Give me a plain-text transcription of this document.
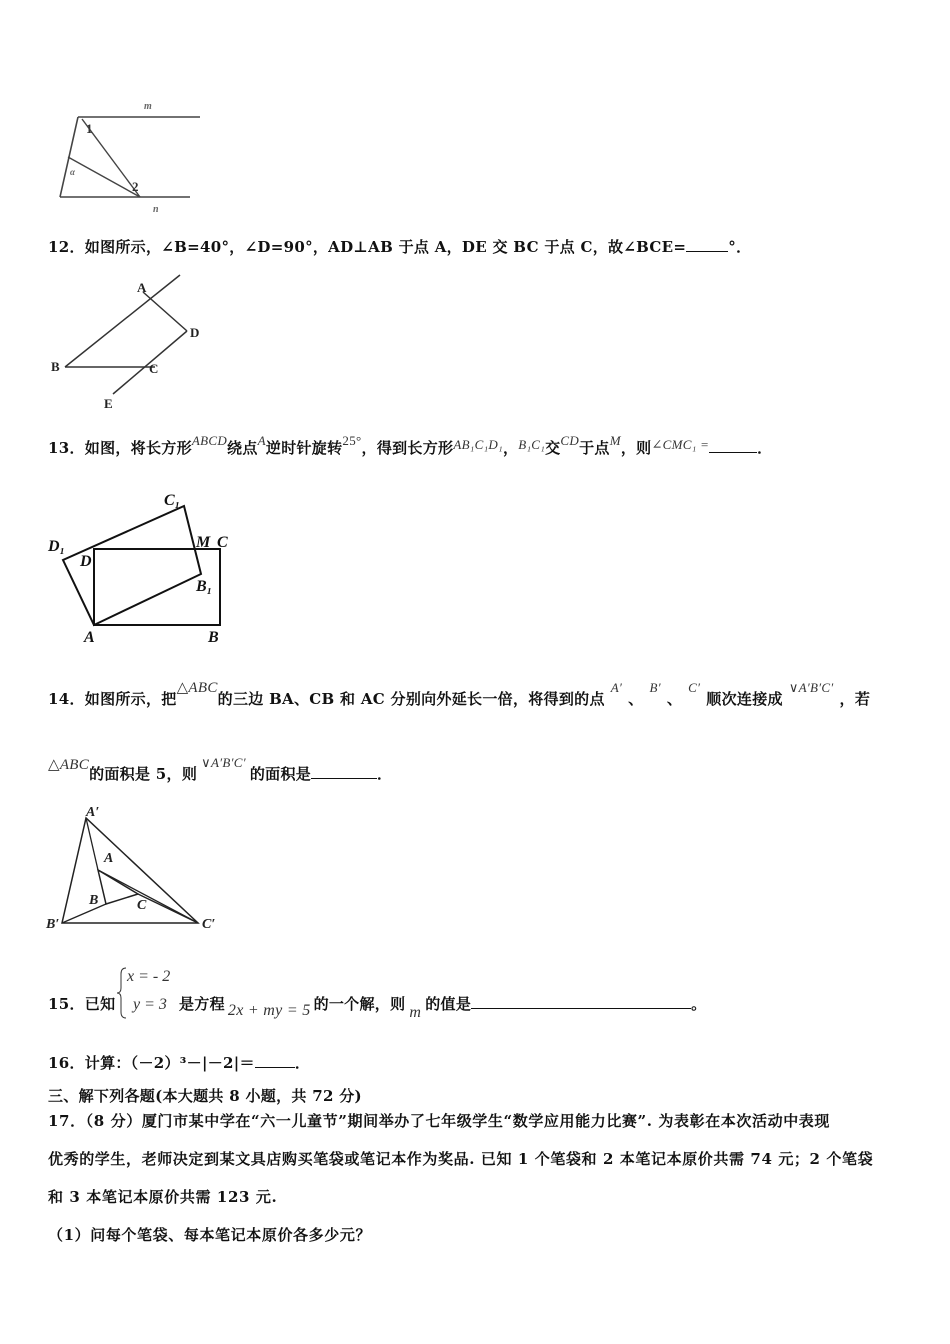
m
n
1
2
α
12．如图所示，∠B=40°，∠D=90°，AD⊥AB 于点 A，DE 交 BC 于点 C，故∠BCE=	°．
A
D
B	C
E
13．如图，将长方形ABCD绕点A逆时针旋转25°，得到长方形AB₁C₁D₁，B₁C₁交CD于点M，则∠CMC₁ =	．
C₁
D₁
D
M C
B₁
A	B
14．如图所示，把△ABC的三边 BA、CB 和 AC 分别向外延长一倍，将得到的点A′、B′、C′顺次连接成∨A′B′C′，若
△ABC的面积是 5，则∨A′B′C′的面积是	．
A′
A
B	C
B′	C′
15．已知
x = - 2
y = 3 是方程 2x + my = 5 的一个解，则 m 的值是	。
16．计算：（－2）³－|－2|＝	．
三、解下列各题(本大题共 8 小题，共 72 分)
17．（8 分）厦门市某中学在“六一儿童节”期间举办了七年级学生“数学应用能力比赛”. 为表彰在本次活动中表现
优秀的学生，老师决定到某文具店购买笔袋或笔记本作为奖品. 已知 1 个笔袋和 2 本笔记本原价共需 74 元；2 个笔袋
和 3 本笔记本原价共需 123 元.
（1）问每个笔袋、每本笔记本原价各多少元？
